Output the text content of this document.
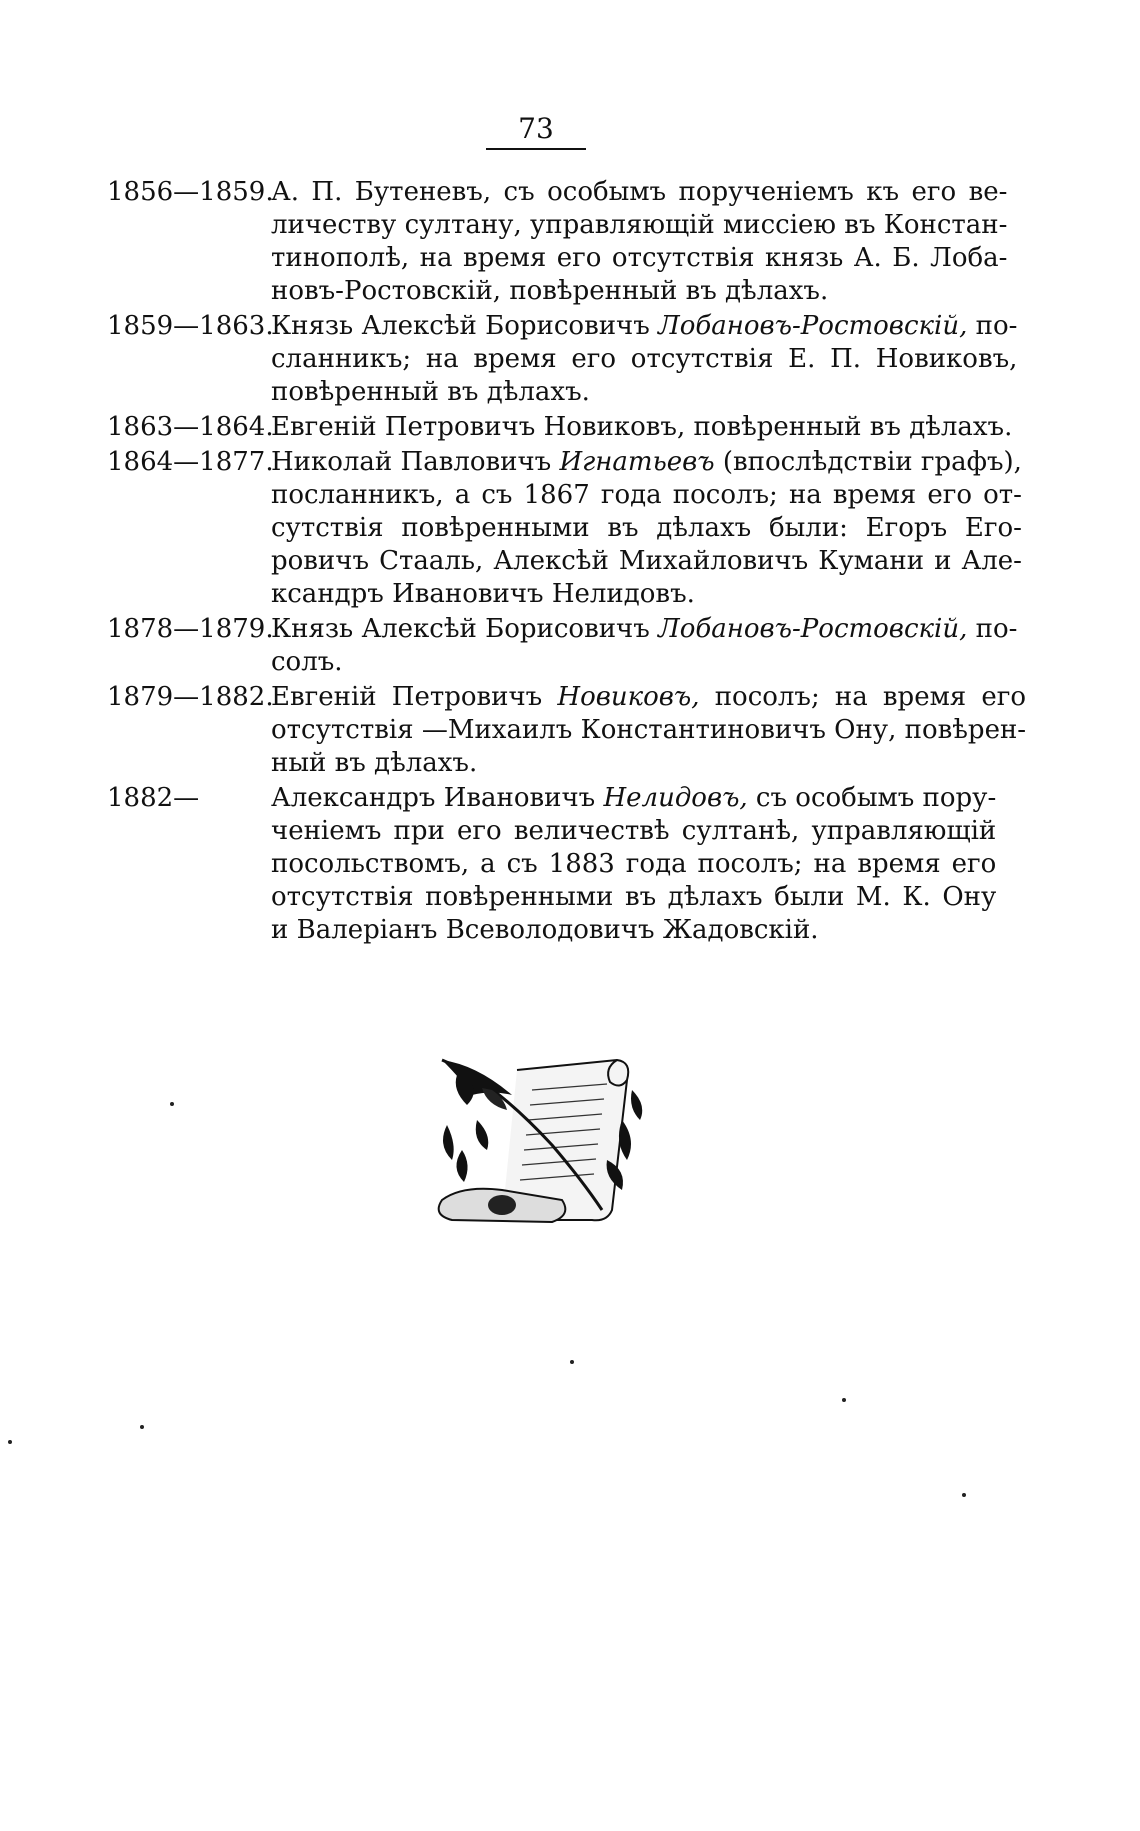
73
1856—1859.
А. П. Бутеневъ, съ особымъ порученіемъ къ его ве-
личеству султану, управляющій миссіею въ Констан-
тинополѣ, на время его отсутствія князь А. Б. Лоба-
новъ-Ростовскій, повѣренный въ дѣлахъ.
1859—1863.
Князь Алексѣй Борисовичъ Лобановъ-Ростовскій, по-
сланникъ; на время его отсутствія Е. П. Новиковъ,
повѣренный въ дѣлахъ.
1863—1864.
Евгеній Петровичъ Новиковъ, повѣренный въ дѣлахъ.
1864—1877.
Николай Павловичъ Игнатьевъ (впослѣдствіи графъ),
посланникъ, а съ 1867 года посолъ; на время его от-
сутствія повѣренными въ дѣлахъ были: Егоръ Его-
ровичъ Стааль, Алексѣй Михайловичъ Кумани и Але-
ксандръ Ивановичъ Нелидовъ.
1878—1879.
Князь Алексѣй Борисовичъ Лобановъ-Ростовскій, по-
солъ.
1879—1882.
Евгеній Петровичъ Новиковъ, посолъ; на время его
отсутствія —Михаилъ Константиновичъ Ону, повѣрен-
ный въ дѣлахъ.
1882—	Александръ Ивановичъ Нелидовъ, съ особымъ пору-
ченіемъ при его величествѣ султанѣ, управляющій
посольствомъ, а съ 1883 года посолъ; на время его
отсутствія повѣренными въ дѣлахъ были М. К. Ону
и Валеріанъ Всеволодовичъ Жадовскій.
